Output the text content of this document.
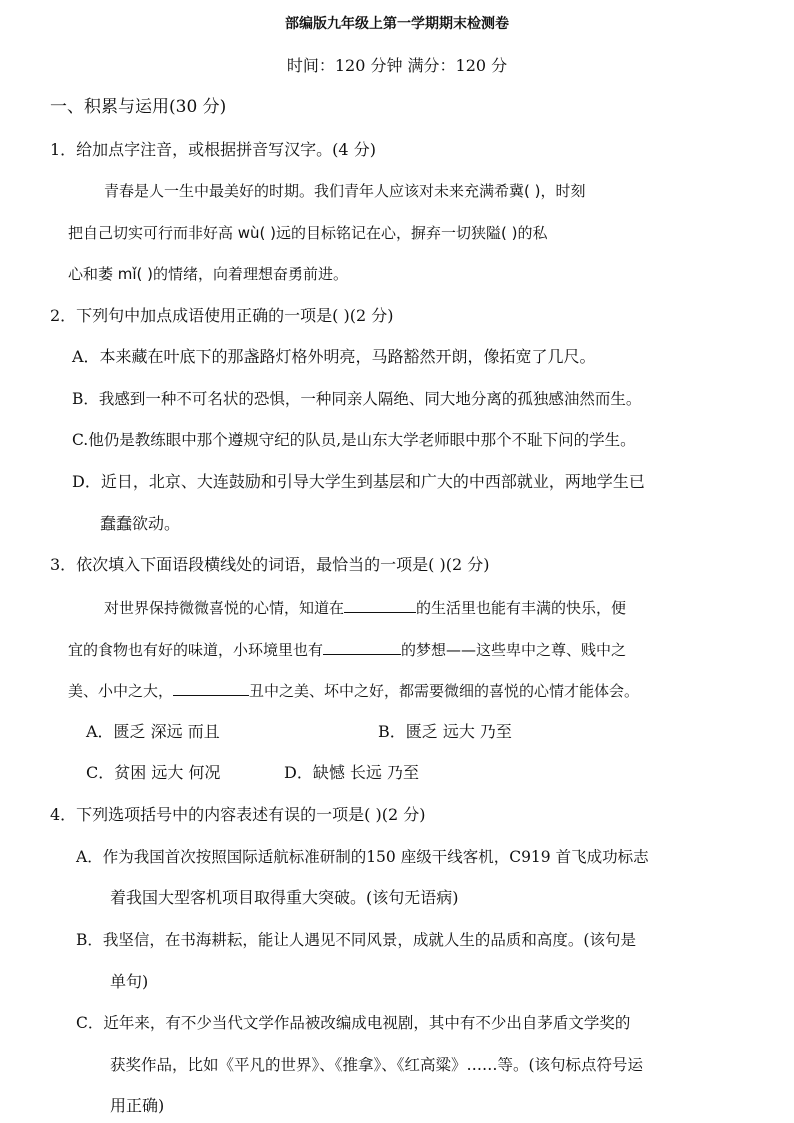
部编版九年级上第一学期期末检测卷
时间：120 分钟 满分：120 分
一、积累与运用(30 分)
1．给加点字注音，或根据拼音写汉字。(4 分)
青春是人一生中最美好的时期。我们青年人应该对未来充满希冀( )，时刻
把自己切实可行而非好高 wù( )远的目标铭记在心，摒弃一切狭隘( )的私
心和萎 mǐ( )的情绪，向着理想奋勇前进。
2．下列句中加点成语使用正确的一项是( )(2 分)
A．本来藏在叶底下的那盏路灯格外明亮，马路豁然开朗，像拓宽了几尺。
B．我感到一种不可名状的恐惧，一种同亲人隔绝、同大地分离的孤独感油然而生。
C.他仍是教练眼中那个遵规守纪的队员,是山东大学老师眼中那个不耻下问的学生。
D．近日，北京、大连鼓励和引导大学生到基层和广大的中西部就业，两地学生已
蠢蠢欲动。
3．依次填入下面语段横线处的词语，最恰当的一项是( )(2 分)
对世界保持微微喜悦的心情，知道在	的生活里也能有丰满的快乐，便
宜的食物也有好的味道，小环境里也有	的梦想——这些卑中之尊、贱中之
美、小中之大，	丑中之美、坏中之好，都需要微细的喜悦的心情才能体会。
A．匮乏 深远 而且	B．匮乏 远大 乃至
C．贫困 远大 何况	D．缺憾 长远 乃至
4．下列选项括号中的内容表述有误的一项是( )(2 分)
A．作为我国首次按照国际适航标准研制的150 座级干线客机，C919 首飞成功标志
着我国大型客机项目取得重大突破。(该句无语病)
B．我坚信，在书海耕耘，能让人遇见不同风景，成就人生的品质和高度。(该句是
单句)
C．近年来，有不少当代文学作品被改编成电视剧，其中有不少出自茅盾文学奖的
获奖作品，比如《平凡的世界》、《推拿》、《红高粱》……等。(该句标点符号运
用正确)
